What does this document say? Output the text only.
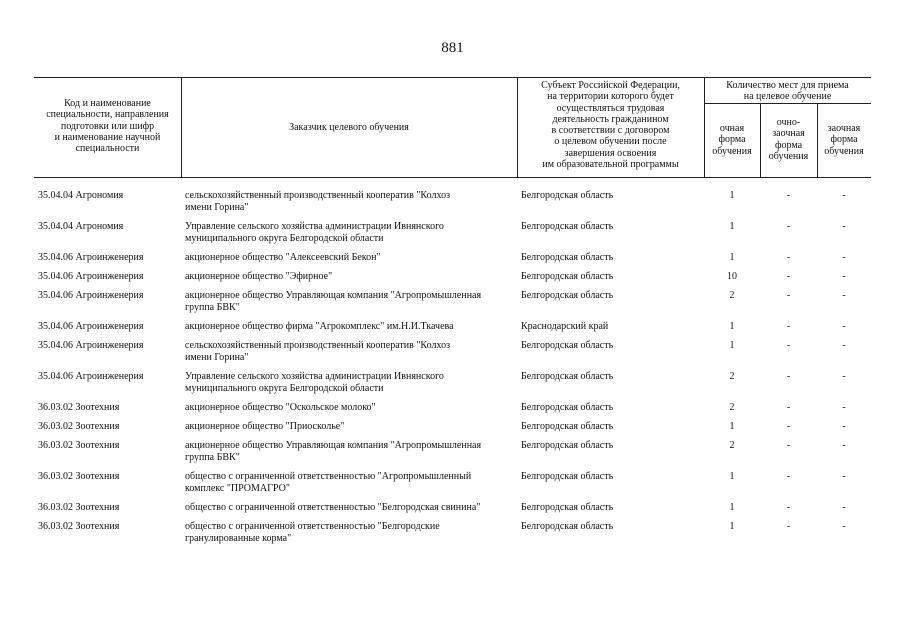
881
Код и наименование
специальности, направления
подготовки или шифр
и наименование научной
специальности
Заказчик целевого обучения
Субъект Российской Федерации,
на территории которого будет
осуществляться трудовая
деятельность гражданином
в соответствии с договором
о целевом обучении после
завершения освоения
им образовательной программы
Количество мест для приема
на целевое обучение
очная
форма
обучения
очно-
заочная
форма
обучения
заочная
форма
обучения
35.04.04 Агрономия	сельскохозяйственный производственный кооператив "Колхоз
имени Горина"
Белгородская область	1	-	-
35.04.04 Агрономия	Управление сельского хозяйства администрации Ивнянского
муниципального округа Белгородской области
Белгородская область	1	-	-
35.04.06 Агроинженерия	акционерное общество "Алексеевский Бекон"	Белгородская область	1	-	-
35.04.06 Агроинженерия	акционерное общество "Эфирное"	Белгородская область	10	-	-
35.04.06 Агроинженерия	акционерное общество Управляющая компания "Агропромышленная
группа БВК"
Белгородская область	2	-	-
35.04.06 Агроинженерия	акционерное общество фирма "Агрокомплекс" им.Н.И.Ткачева	Краснодарский край	1	-	-
35.04.06 Агроинженерия	сельскохозяйственный производственный кооператив "Колхоз
имени Горина"
Белгородская область	1	-	-
35.04.06 Агроинженерия	Управление сельского хозяйства администрации Ивнянского
муниципального округа Белгородской области
Белгородская область	2	-	-
36.03.02 Зоотехния	акционерное общество "Оскольское молоко"	Белгородская область	2	-	-
36.03.02 Зоотехния	акционерное общество "Приосколье"	Белгородская область	1	-	-
36.03.02 Зоотехния	акционерное общество Управляющая компания "Агропромышленная
группа БВК"
Белгородская область	2	-	-
36.03.02 Зоотехния	общество с ограниченной ответственностью "Агропромышленный
комплекс "ПРОМАГРО"
Белгородская область	1	-	-
36.03.02 Зоотехния	общество с ограниченной ответственностью "Белгородская свинина"	Белгородская область	1	-	-
36.03.02 Зоотехния	общество с ограниченной ответственностью "Белгородские
гранулированные корма"
Белгородская область	1	-	-
